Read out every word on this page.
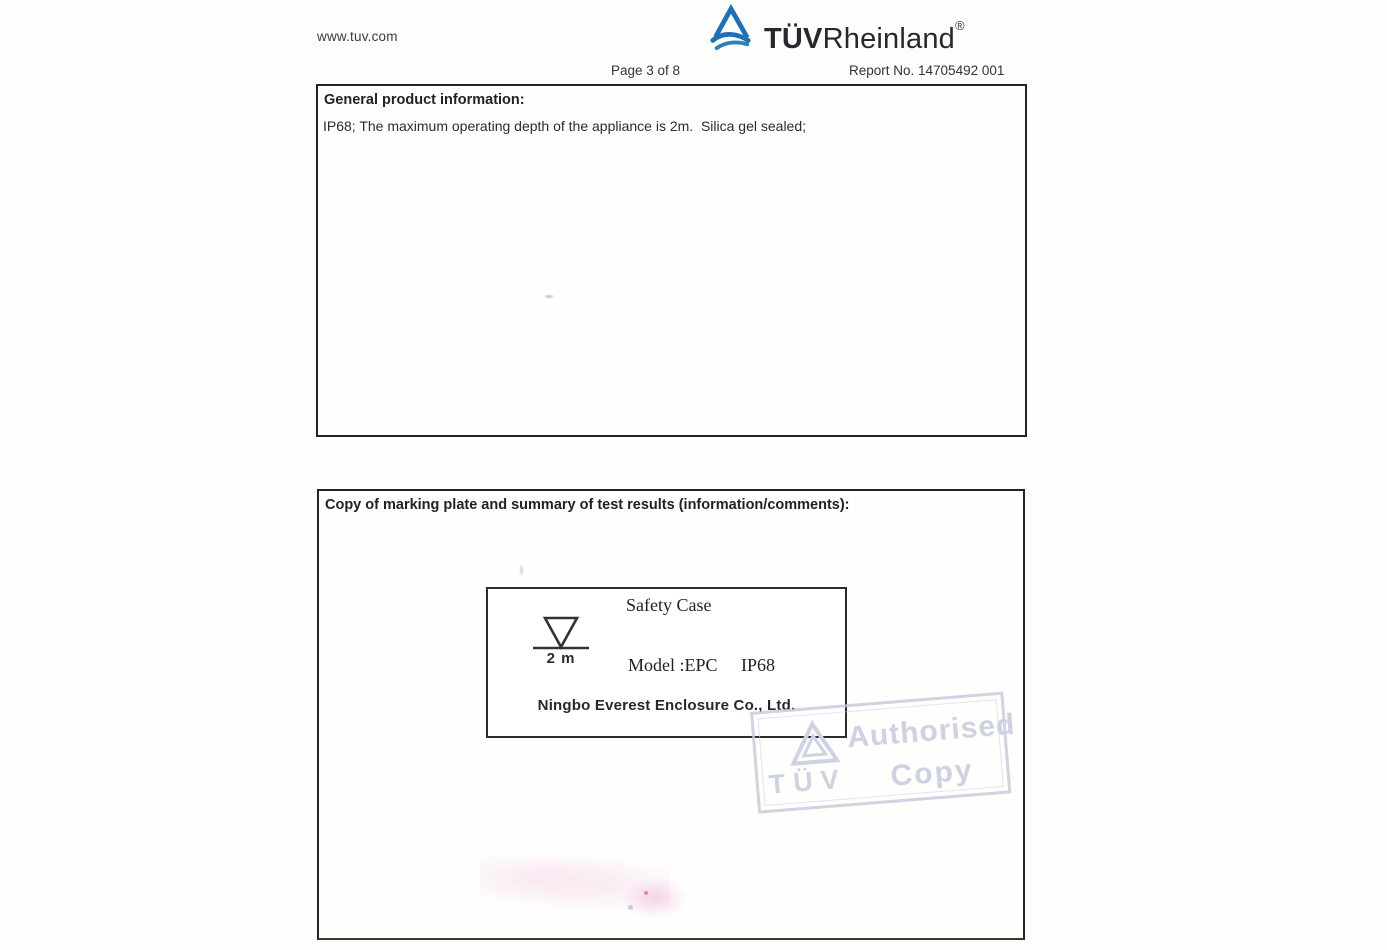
www.tuv.com	TÜVRheinland®
Page 3 of 8	Report No. 14705492 001
General product information:
IP68; The maximum operating depth of the appliance is 2m.  Silica gel sealed;
Copy of marking plate and summary of test results (information/comments):
Safety Case
2 m	Model :EPC IP68
Ningbo Everest Enclosure Co., Ltd.
TÜV
Authorised
Copy
